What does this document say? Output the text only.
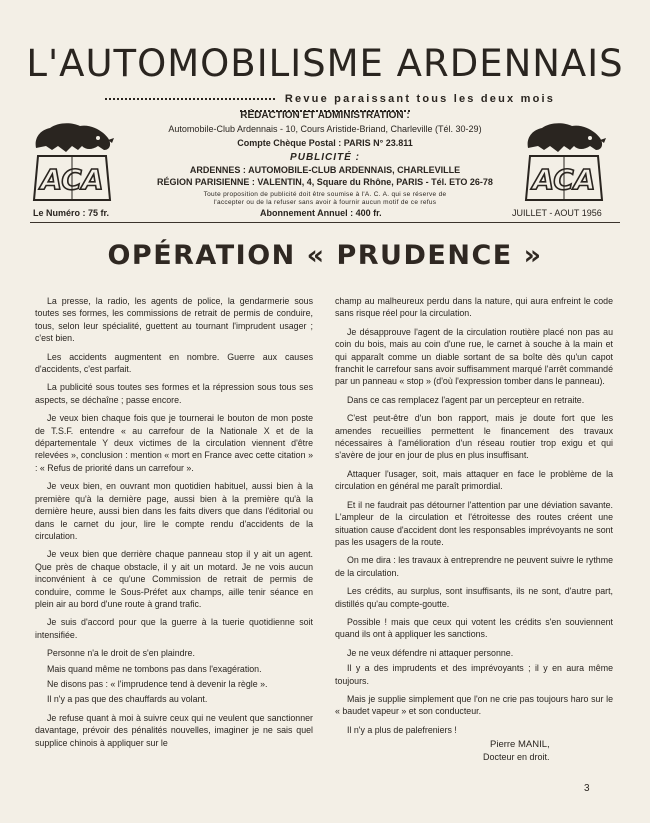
L'AUTOMOBILISME ARDENNAIS
Revue paraissant tous les deux mois
RÉDACTION ET ADMINISTRATION :
Automobile-Club Ardennais - 10, Cours Aristide-Briand, Charleville (Tél. 30-29)
Compte Chèque Postal : PARIS N° 23.811
PUBLICITÉ :
ARDENNES : AUTOMOBILE-CLUB ARDENNAIS, CHARLEVILLE
RÉGION PARISIENNE : VALENTIN, 4, Square du Rhône, PARIS - Tél. ETO 26-78
Toute proposition de publicité doit être soumise à l'A. C. A. qui se réserve de
l'accepter ou de la refuser sans avoir à fournir aucun motif de ce refus
ACA	ACA
Le Numéro : 75 fr.	Abonnement Annuel : 400 fr.	JUILLET - AOUT 1956
OPÉRATION « PRUDENCE »

La presse, la radio, les agents de police, la gendarmerie sous toutes ses formes, les commissions de retrait de permis de conduire, tous, selon leur spécialité, guettent au tournant l'imprudent usager ; c'est bien.

Les accidents augmentent en nombre. Guerre aux causes d'accidents, c'est parfait.

La publicité sous toutes ses formes et la répression sous tous ses aspects, se déchaîne ; passe encore.

Je veux bien chaque fois que je tournerai le bouton de mon poste de T.S.F. entendre « au carrefour de la Nationale X et de la départementale Y deux victimes de la circulation viennent d'être relevées », conclusion : mention « mort en France avec cette citation » : « Refus de priorité dans un carrefour ».

Je veux bien, en ouvrant mon quotidien habituel, aussi bien à la première qu'à la dernière page, aussi bien à la première qu'à la dernière heure, aussi bien dans les faits divers que dans l'éditorial ou dans le carnet du jour, lire le compte rendu d'accidents de la circulation.

Je veux bien que derrière chaque panneau stop il y ait un agent. Que près de chaque obstacle, il y ait un motard. Je ne vois aucun inconvénient à ce qu'une Commission de retrait de permis de conduire, comme le Sous-Préfet aux champs, aille tenir séance en plein air au bord d'une route à grand trafic.

Je suis d'accord pour que la guerre à la tuerie quotidienne soit intensifiée.

Personne n'a le droit de s'en plaindre.

Mais quand même ne tombons pas dans l'exagération.

Ne disons pas : « l'imprudence tend à devenir la règle ».

Il n'y a pas que des chauffards au volant.

Je refuse quant à moi à suivre ceux qui ne veulent que sanctionner davantage, prévoir des pénalités nouvelles, imaginer je ne sais quel supplice chinois à appliquer sur le

champ au malheureux perdu dans la nature, qui aura enfreint le code sans risque réel pour la circulation.

Je désapprouve l'agent de la circulation routière placé non pas au coin du bois, mais au coin d'une rue, le carnet à souche à la main et qui apparaît comme un diable sortant de sa boîte dès qu'un capot franchit le carrefour sans avoir suffisamment marqué l'arrêt commandé par un panneau « stop » (d'où l'expression tomber dans le panneau).

Dans ce cas remplacez l'agent par un percepteur en retraite.

C'est peut-être d'un bon rapport, mais je doute fort que les amendes recueillies permettent le financement des travaux nécessaires à l'amélioration d'un réseau routier trop exigu et qui s'avère de jour en jour de plus en plus insuffisant.

Attaquer l'usager, soit, mais attaquer en face le problème de la circulation en général me paraît primordial.

Et il ne faudrait pas détourner l'attention par une déviation savante. L'ampleur de la circulation et l'étroitesse des routes créent une situation cause d'accident dont les responsables imprévoyants ne sont pas les usagers de la route.

On me dira : les travaux à entreprendre ne peuvent suivre le rythme de la circulation.

Les crédits, au surplus, sont insuffisants, ils ne sont, d'autre part, distillés qu'au compte-goutte.

Possible ! mais que ceux qui votent les crédits s'en souviennent quand ils ont à appliquer les sanctions.

Je ne veux défendre ni attaquer personne.

Il y a des imprudents et des imprévoyants ; il y en aura même toujours.

Mais je supplie simplement que l'on ne crie pas toujours haro sur le « baudet vapeur » et son conducteur.

Il n'y a plus de palefreniers !

Pierre MANIL,
Docteur en droit.
3
